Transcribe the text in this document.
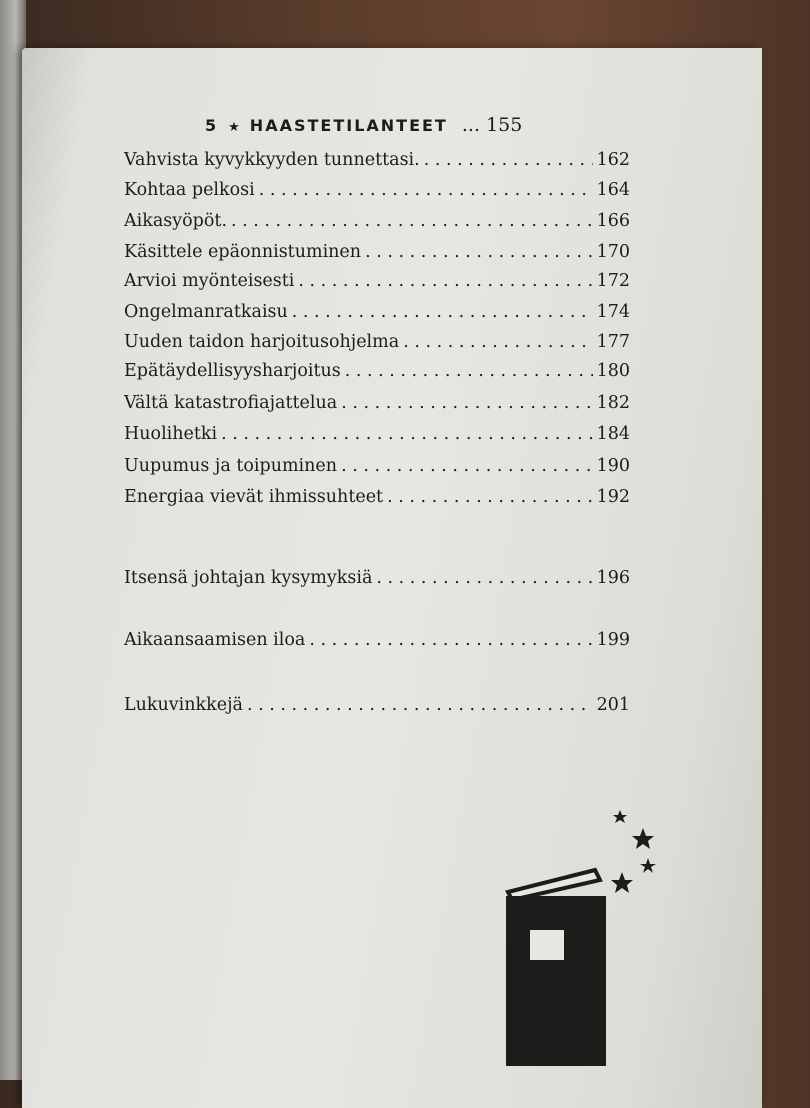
5 ★ HAASTETILANTEET ... 155
Vahvista kyvykkyyden tunnettasi. . . .	162
Kohtaa pelkosi . . .	164
Aikasyöpöt. . . .	166
Käsittele epäonnistuminen . . .	170
Arvioi myönteisesti . . .	172
Ongelmanratkaisu . . .	174
Uuden taidon harjoitusohjelma . . .	177
Epätäydellisyysharjoitus . . .	180
Vältä katastrofiajattelua . . .	182
Huolihetki . . .	184
Uupumus ja toipuminen . . .	190
Energiaa vievät ihmissuhteet . . .	192
Itsensä johtajan kysymyksiä . . .	196
Aikaansaamisen iloa . . .	199
Lukuvinkkejä . . .	201
